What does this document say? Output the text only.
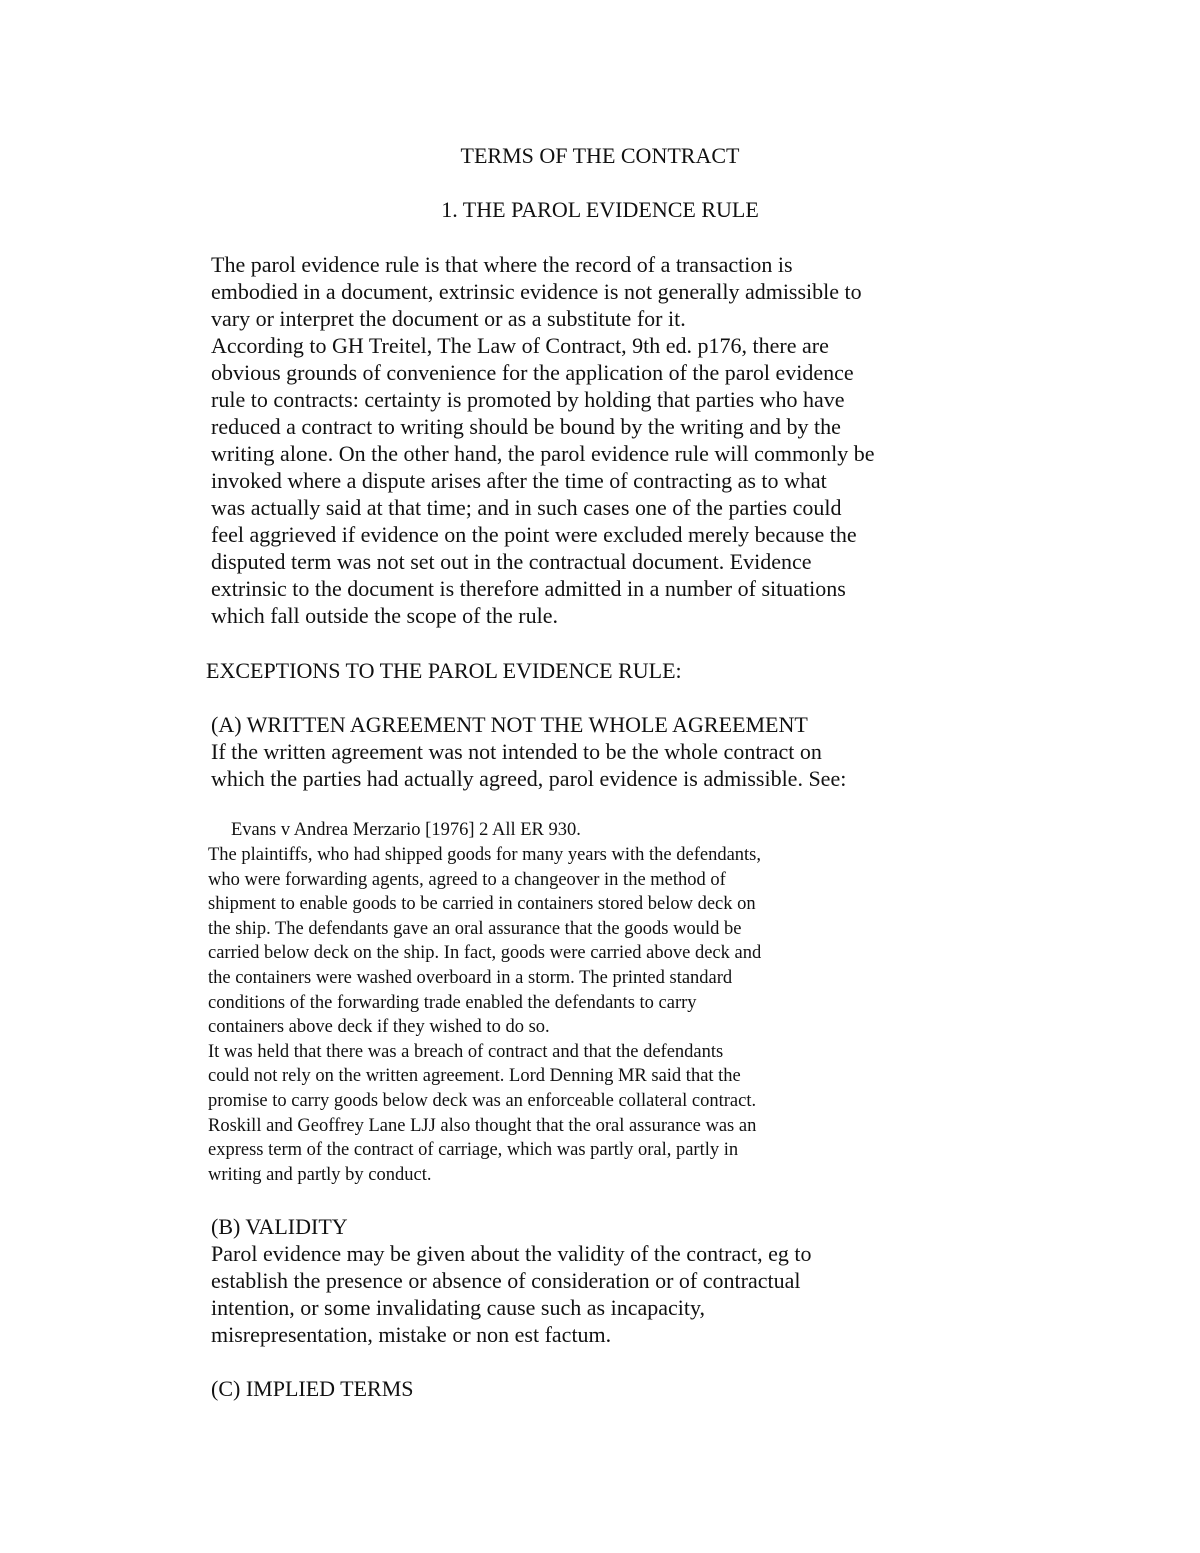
TERMS OF THE CONTRACT
1. THE PAROL EVIDENCE RULE
The parol evidence rule is that where the record of a transaction is
embodied in a document, extrinsic evidence is not generally admissible to
vary or interpret the document or as a substitute for it.
According to GH Treitel, The Law of Contract, 9th ed. p176, there are
obvious grounds of convenience for the application of the parol evidence
rule to contracts: certainty is promoted by holding that parties who have
reduced a contract to writing should be bound by the writing and by the
writing alone. On the other hand, the parol evidence rule will commonly be
invoked where a dispute arises after the time of contracting as to what
was actually said at that time; and in such cases one of the parties could
feel aggrieved if evidence on the point were excluded merely because the
disputed term was not set out in the contractual document. Evidence
extrinsic to the document is therefore admitted in a number of situations
which fall outside the scope of the rule.
EXCEPTIONS TO THE PAROL EVIDENCE RULE:
(A) WRITTEN AGREEMENT NOT THE WHOLE AGREEMENT
If the written agreement was not intended to be the whole contract on
which the parties had actually agreed, parol evidence is admissible. See:
Evans v Andrea Merzario [1976] 2 All ER 930.
The plaintiffs, who had shipped goods for many years with the defendants,
who were forwarding agents, agreed to a changeover in the method of
shipment to enable goods to be carried in containers stored below deck on
the ship. The defendants gave an oral assurance that the goods would be
carried below deck on the ship. In fact, goods were carried above deck and
the containers were washed overboard in a storm. The printed standard
conditions of the forwarding trade enabled the defendants to carry
containers above deck if they wished to do so.
It was held that there was a breach of contract and that the defendants
could not rely on the written agreement. Lord Denning MR said that the
promise to carry goods below deck was an enforceable collateral contract.
Roskill and Geoffrey Lane LJJ also thought that the oral assurance was an
express term of the contract of carriage, which was partly oral, partly in
writing and partly by conduct.
(B) VALIDITY
Parol evidence may be given about the validity of the contract, eg to
establish the presence or absence of consideration or of contractual
intention, or some invalidating cause such as incapacity,
misrepresentation, mistake or non est factum.
(C) IMPLIED TERMS
